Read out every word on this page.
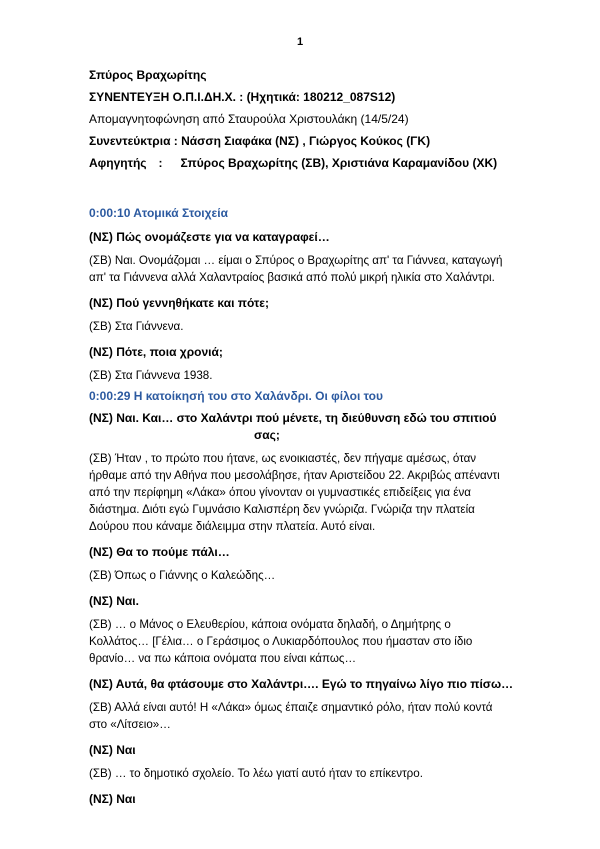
1

Σπύρος Βραχωρίτης

ΣΥΝΕΝΤΕΥΞΗ Ο.Π.Ι.ΔΗ.Χ. : (Ηχητικά: 180212_087S12)

Απομαγνητοφώνηση από Σταυρούλα Χριστουλάκη (14/5/24)

Συνεντεύκτρια : Νάσση Σιαφάκα (ΝΣ) , Γιώργος Κούκος (ΓΚ)

Αφηγητής : Σπύρος Βραχωρίτης (ΣΒ), Χριστιάνα Καραμανίδου (ΧΚ)

0:00:10 Ατομικά Στοιχεία

(ΝΣ) Πώς ονομάζεστε για να καταγραφεί…

(ΣΒ) Ναι. Ονομάζομαι … είμαι ο Σπύρος ο Βραχωρίτης απ' τα Γιάννεα, καταγωγή
απ' τα Γιάννενα αλλά Χαλαντραίος βασικά από πολύ μικρή ηλικία στο Χαλάντρι.

(ΝΣ) Πού γεννηθήκατε και πότε;

(ΣΒ) Στα Γιάννενα.

(ΝΣ) Πότε, ποια χρονιά;

(ΣΒ) Στα Γιάννενα 1938.

0:00:29 Η κατοίκησή του στο Χαλάνδρι. Οι φίλοι του

(ΝΣ) Ναι. Και… στο Χαλάντρι πού μένετε, τη διεύθυνση εδώ του σπιτιού
σας;
(ΣΒ) Ήταν , το πρώτο που ήτανε, ως ενοικιαστές, δεν πήγαμε αμέσως, όταν
ήρθαμε από την Αθήνα που μεσολάβησε, ήταν Αριστείδου 22. Ακριβώς απέναντι
από την περίφημη «Λάκα» όπου γίνονταν οι γυμναστικές επιδείξεις για ένα
διάστημα. Διότι εγώ Γυμνάσιο Καλισπέρη δεν γνώριζα. Γνώριζα την πλατεία
Δούρου που κάναμε διάλειμμα στην πλατεία. Αυτό είναι.

(ΝΣ) Θα το πούμε πάλι…

(ΣΒ) Όπως ο Γιάννης ο Καλεώδης…

(ΝΣ) Ναι.

(ΣΒ) … ο Μάνος ο Ελευθερίου, κάποια ονόματα δηλαδή, ο Δημήτρης ο
Κολλάτος… [Γέλια… ο Γεράσιμος ο Λυκιαρδόπουλος που ήμασταν στο ίδιο
θρανίο… να πω κάποια ονόματα που είναι κάπως…

(ΝΣ) Αυτά, θα φτάσουμε στο Χαλάντρι…. Εγώ το πηγαίνω λίγο πιο πίσω…

(ΣΒ) Αλλά είναι αυτό! Η «Λάκα» όμως έπαιζε σημαντικό ρόλο, ήταν πολύ κοντά
στο «Λίτσειο»…

(ΝΣ) Ναι

(ΣΒ) … το δημοτικό σχολείο. Το λέω γιατί αυτό ήταν το επίκεντρο.

(ΝΣ) Ναι
